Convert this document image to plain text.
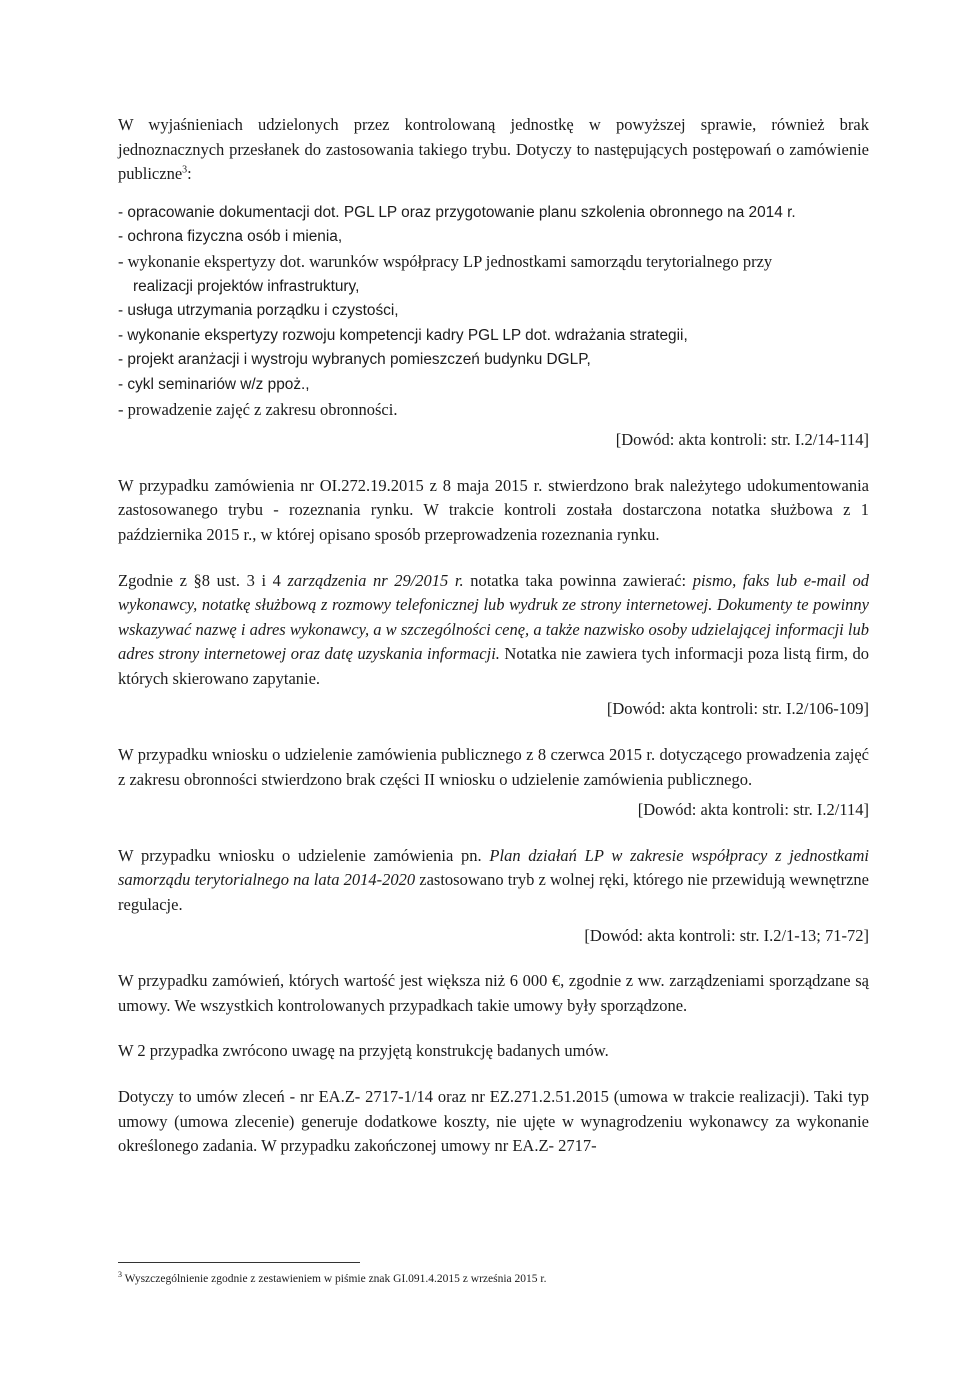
W wyjaśnieniach udzielonych przez kontrolowaną jednostkę w powyższej sprawie, również brak jednoznacznych przesłanek do zastosowania takiego trybu. Dotyczy to następujących postępowań o zamówienie publiczne$^3$:

- opracowanie dokumentacji dot. PGL LP oraz przygotowanie planu szkolenia obronnego na 2014 r.
- ochrona fizyczna osób i mienia,
- wykonanie ekspertyzy dot. warunków współpracy LP jednostkami samorządu terytorialnego przy
realizacji projektów infrastruktury,
- usługa utrzymania porządku i czystości,
- wykonanie ekspertyzy rozwoju kompetencji kadry PGL LP dot. wdrażania strategii,
- projekt aranżacji i wystroju wybranych pomieszczeń budynku DGLP,
- cykl seminariów w/z ppoż.,
- prowadzenie zajęć z zakresu obronności.

[Dowód: akta kontroli: str. I.2/14-114]

W przypadku zamówienia nr OI.272.19.2015 z 8 maja 2015 r. stwierdzono brak należytego udokumentowania zastosowanego trybu - rozeznania rynku. W trakcie kontroli została dostarczona notatka służbowa z 1 października 2015 r., w której opisano sposób przeprowadzenia rozeznania rynku.

Zgodnie z §8 ust. 3 i 4 zarządzenia nr 29/2015 r. notatka taka powinna zawierać: pismo, faks lub e-mail od wykonawcy, notatkę służbową z rozmowy telefonicznej lub wydruk ze strony internetowej. Dokumenty te powinny wskazywać nazwę i adres wykonawcy, a w szczególności cenę, a także nazwisko osoby udzielającej informacji lub adres strony internetowej oraz datę uzyskania informacji. Notatka nie zawiera tych informacji poza listą firm, do których skierowano zapytanie.

[Dowód: akta kontroli: str. I.2/106-109]

W przypadku wniosku o udzielenie zamówienia publicznego z 8 czerwca 2015 r. dotyczącego prowadzenia zajęć z zakresu obronności stwierdzono brak części II wniosku o udzielenie zamówienia publicznego.

[Dowód: akta kontroli: str. I.2/114]

W przypadku wniosku o udzielenie zamówienia pn. Plan działań LP w zakresie współpracy z jednostkami samorządu terytorialnego na lata 2014-2020 zastosowano tryb z wolnej ręki, którego nie przewidują wewnętrzne regulacje.

[Dowód: akta kontroli: str. I.2/1-13; 71-72]

W przypadku zamówień, których wartość jest większa niż 6 000 €, zgodnie z ww. zarządzeniami sporządzane są umowy. We wszystkich kontrolowanych przypadkach takie umowy były sporządzone.

W 2 przypadka zwrócono uwagę na przyjętą konstrukcję badanych umów.

Dotyczy to umów zleceń - nr EA.Z- 2717-1/14 oraz nr EZ.271.2.51.2015 (umowa w trakcie realizacji). Taki typ umowy (umowa zlecenie) generuje dodatkowe koszty, nie ujęte w wynagrodzeniu wykonawcy za wykonanie określonego zadania. W przypadku zakończonej umowy nr EA.Z- 2717-

$^3$ Wyszczególnienie zgodnie z zestawieniem w piśmie znak GI.091.4.2015 z września 2015 r.
